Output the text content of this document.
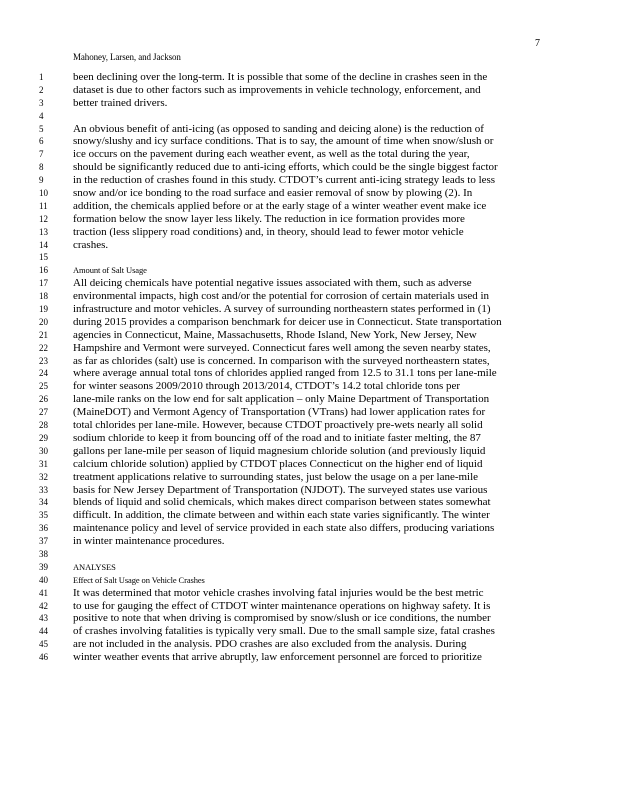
7
Mahoney, Larsen, and Jackson
1	been declining over the long-term. It is possible that some of the decline in crashes seen in the
2	dataset is due to other factors such as improvements in vehicle technology, enforcement, and
3	better trained drivers.
4
5	An obvious benefit of anti-icing (as opposed to sanding and deicing alone) is the reduction of
6	snowy/slushy and icy surface conditions. That is to say, the amount of time when snow/slush or
7	ice occurs on the pavement during each weather event, as well as the total during the year,
8	should be significantly reduced due to anti-icing efforts, which could be the single biggest factor
9	in the reduction of crashes found in this study. CTDOT’s current anti-icing strategy leads to less
10	snow and/or ice bonding to the road surface and easier removal of snow by plowing (2). In
11	addition, the chemicals applied before or at the early stage of a winter weather event make ice
12	formation below the snow layer less likely. The reduction in ice formation provides more
13	traction (less slippery road conditions) and, in theory, should lead to fewer motor vehicle
14	crashes.
15
16	Amount of Salt Usage
17	All deicing chemicals have potential negative issues associated with them, such as adverse
18	environmental impacts, high cost and/or the potential for corrosion of certain materials used in
19	infrastructure and motor vehicles. A survey of surrounding northeastern states performed in (1)
20	during 2015 provides a comparison benchmark for deicer use in Connecticut. State transportation
21	agencies in Connecticut, Maine, Massachusetts, Rhode Island, New York, New Jersey, New
22	Hampshire and Vermont were surveyed. Connecticut fares well among the seven nearby states,
23	as far as chlorides (salt) use is concerned. In comparison with the surveyed northeastern states,
24	where average annual total tons of chlorides applied ranged from 12.5 to 31.1 tons per lane-mile
25	for winter seasons 2009/2010 through 2013/2014, CTDOT’s 14.2 total chloride tons per
26	lane-mile ranks on the low end for salt application – only Maine Department of Transportation
27	(MaineDOT) and Vermont Agency of Transportation (VTrans) had lower application rates for
28	total chlorides per lane-mile. However, because CTDOT proactively pre-wets nearly all solid
29	sodium chloride to keep it from bouncing off of the road and to initiate faster melting, the 87
30	gallons per lane-mile per season of liquid magnesium chloride solution (and previously liquid
31	calcium chloride solution) applied by CTDOT places Connecticut on the higher end of liquid
32	treatment applications relative to surrounding states, just below the usage on a per lane-mile
33	basis for New Jersey Department of Transportation (NJDOT). The surveyed states use various
34	blends of liquid and solid chemicals, which makes direct comparison between states somewhat
35	difficult. In addition, the climate between and within each state varies significantly. The winter
36	maintenance policy and level of service provided in each state also differs, producing variations
37	in winter maintenance procedures.
38
39	ANALYSES
40	Effect of Salt Usage on Vehicle Crashes
41	It was determined that motor vehicle crashes involving fatal injuries would be the best metric
42	to use for gauging the effect of CTDOT winter maintenance operations on highway safety. It is
43	positive to note that when driving is compromised by snow/slush or ice conditions, the number
44	of crashes involving fatalities is typically very small. Due to the small sample size, fatal crashes
45	are not included in the analysis. PDO crashes are also excluded from the analysis. During
46	winter weather events that arrive abruptly, law enforcement personnel are forced to prioritize
